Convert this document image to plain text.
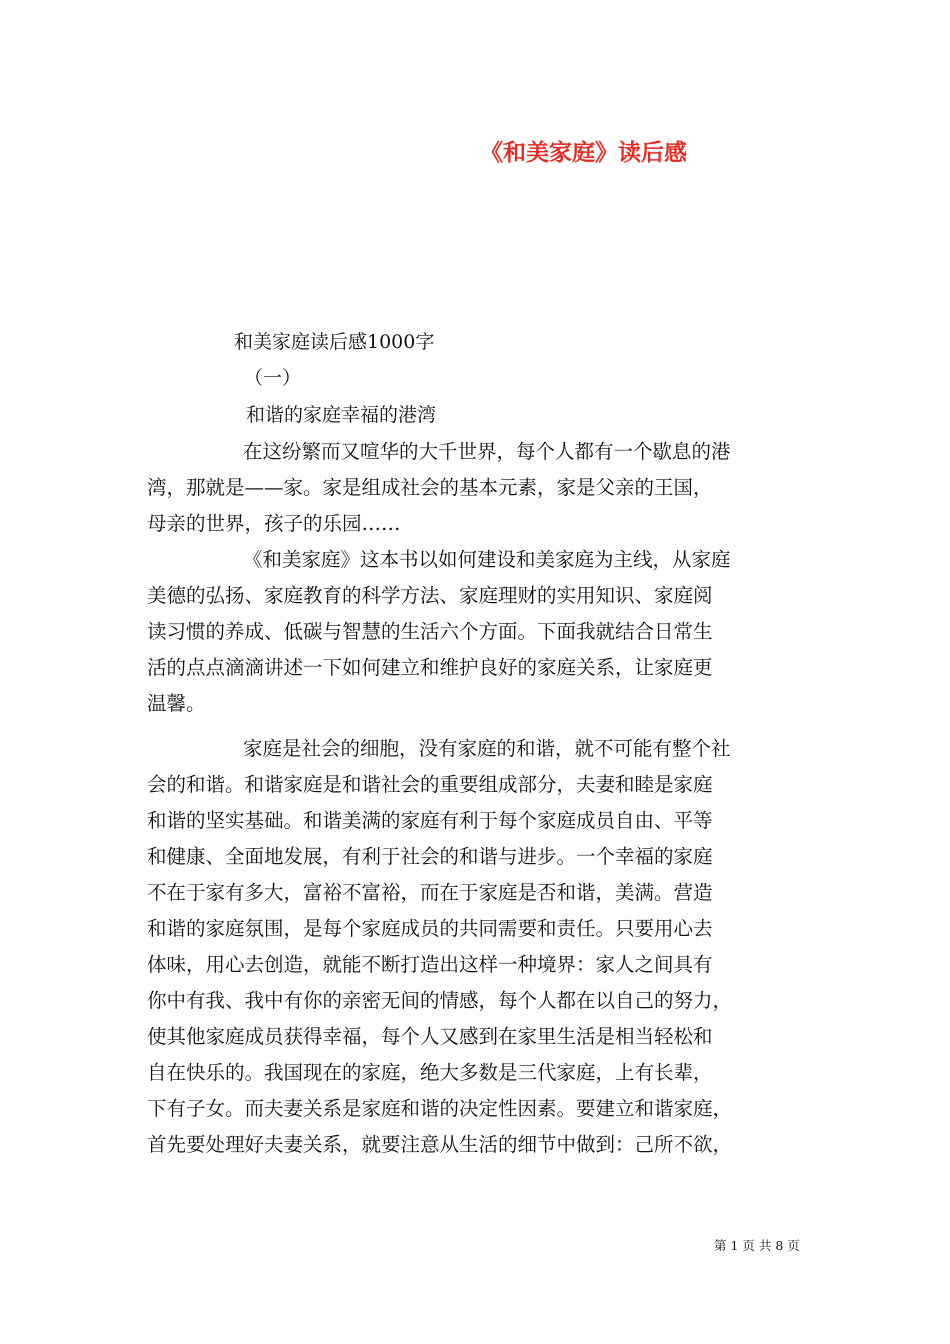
《和美家庭》读后感
和美家庭读后感1000字
（一）
和谐的家庭幸福的港湾
在这纷繁而又喧华的大千世界，每个人都有一个歇息的港
湾，那就是——家。家是组成社会的基本元素，家是父亲的王国，
母亲的世界，孩子的乐园……
《和美家庭》这本书以如何建设和美家庭为主线，从家庭
美德的弘扬、家庭教育的科学方法、家庭理财的实用知识、家庭阅
读习惯的养成、低碳与智慧的生活六个方面。下面我就结合日常生
活的点点滴滴讲述一下如何建立和维护良好的家庭关系，让家庭更
温馨。
家庭是社会的细胞，没有家庭的和谐，就不可能有整个社
会的和谐。和谐家庭是和谐社会的重要组成部分，夫妻和睦是家庭
和谐的坚实基础。和谐美满的家庭有利于每个家庭成员自由、平等
和健康、全面地发展，有利于社会的和谐与进步。一个幸福的家庭
不在于家有多大，富裕不富裕，而在于家庭是否和谐，美满。营造
和谐的家庭氛围，是每个家庭成员的共同需要和责任。只要用心去
体味，用心去创造，就能不断打造出这样一种境界：家人之间具有
你中有我、我中有你的亲密无间的情感，每个人都在以自己的努力，
使其他家庭成员获得幸福，每个人又感到在家里生活是相当轻松和
自在快乐的。我国现在的家庭，绝大多数是三代家庭，上有长辈，
下有子女。而夫妻关系是家庭和谐的决定性因素。要建立和谐家庭，
首先要处理好夫妻关系，就要注意从生活的细节中做到：己所不欲，
第 1 页 共 8 页
